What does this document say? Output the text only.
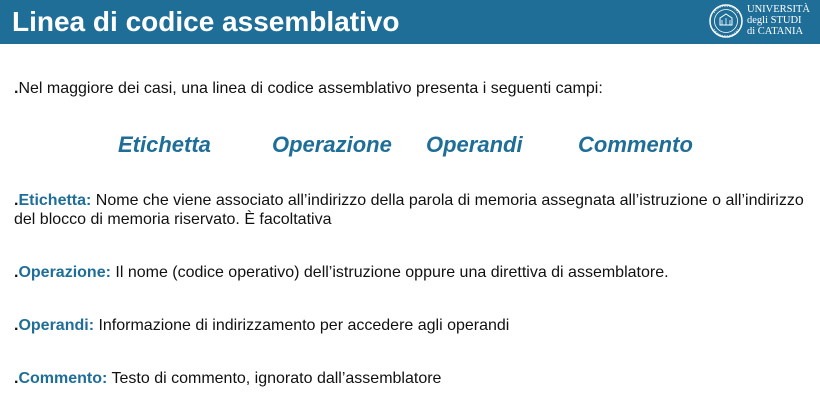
Linea di codice assemblativo	UNIVERSITÀ
degli STUDI
di CATANIA
.Nel maggiore dei casi, una linea di codice assemblativo presenta i seguenti campi:
Etichetta	Operazione Operandi	Commento
.Etichetta: Nome che viene associato all’indirizzo della parola di memoria assegnata all’istruzione o all’indirizzo del blocco di memoria riservato. È facoltativa
.Operazione: Il nome (codice operativo) dell’istruzione oppure una direttiva di assemblatore.
.Operandi: Informazione di indirizzamento per accedere agli operandi
.Commento: Testo di commento, ignorato dall’assemblatore
